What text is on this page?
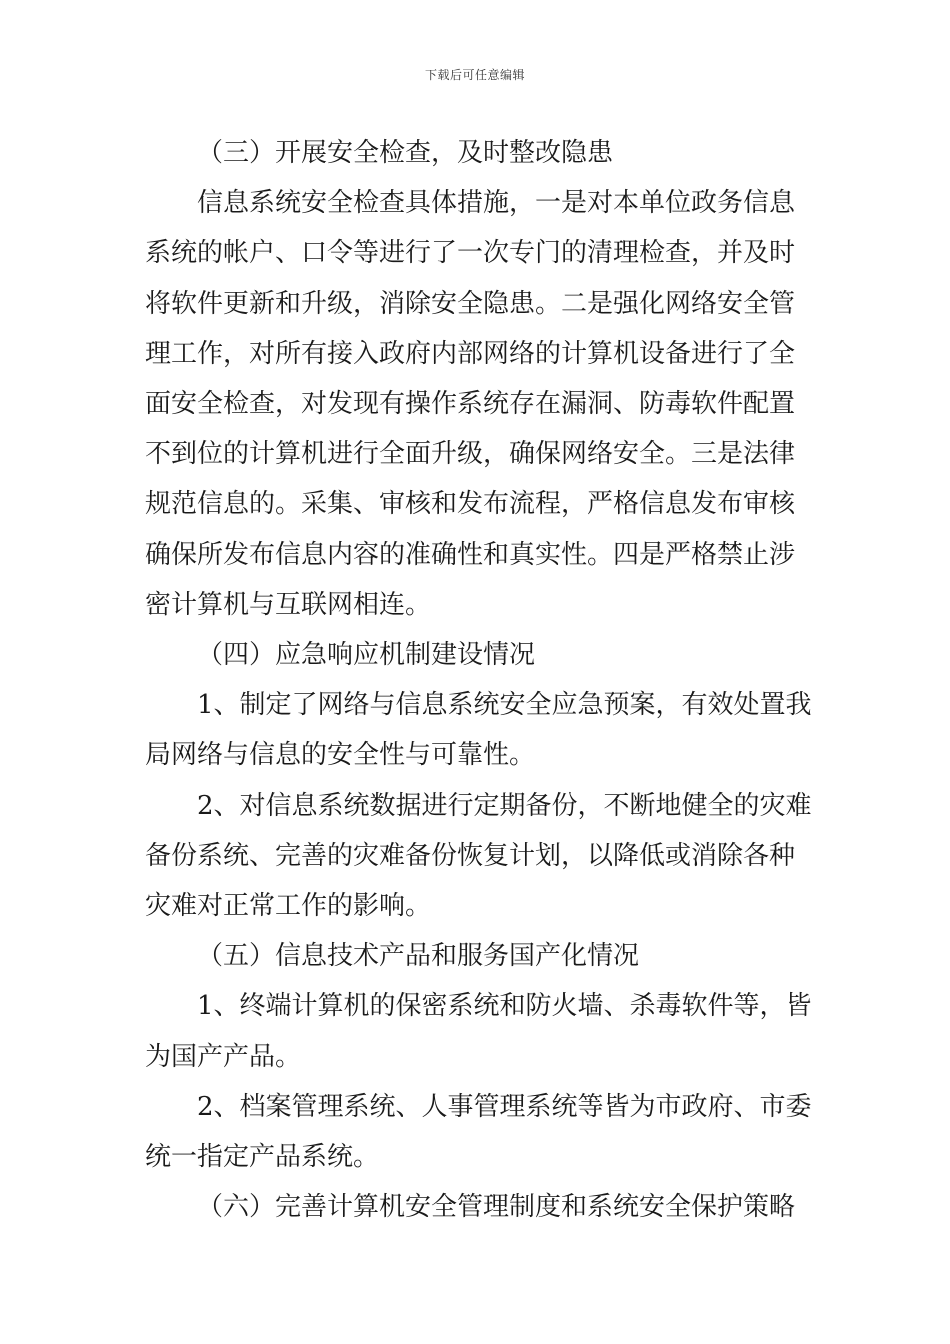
下载后可任意编辑

（三）开展安全检查，及时整改隐患

信息系统安全检查具体措施，一是对本单位政务信息
系统的帐户、口令等进行了一次专门的清理检查，并及时
将软件更新和升级，消除安全隐患。二是强化网络安全管
理工作，对所有接入政府内部网络的计算机设备进行了全
面安全检查，对发现有操作系统存在漏洞、防毒软件配置
不到位的计算机进行全面升级，确保网络安全。三是法律
规范信息的。采集、审核和发布流程，严格信息发布审核
确保所发布信息内容的准确性和真实性。四是严格禁止涉
密计算机与互联网相连。

（四）应急响应机制建设情况

1、制定了网络与信息系统安全应急预案，有效处置我
局网络与信息的安全性与可靠性。

2、对信息系统数据进行定期备份，不断地健全的灾难
备份系统、完善的灾难备份恢复计划，以降低或消除各种
灾难对正常工作的影响。

（五）信息技术产品和服务国产化情况

1、终端计算机的保密系统和防火墙、杀毒软件等，皆
为国产产品。

2、档案管理系统、人事管理系统等皆为市政府、市委
统一指定产品系统。

（六）完善计算机安全管理制度和系统安全保护策略
